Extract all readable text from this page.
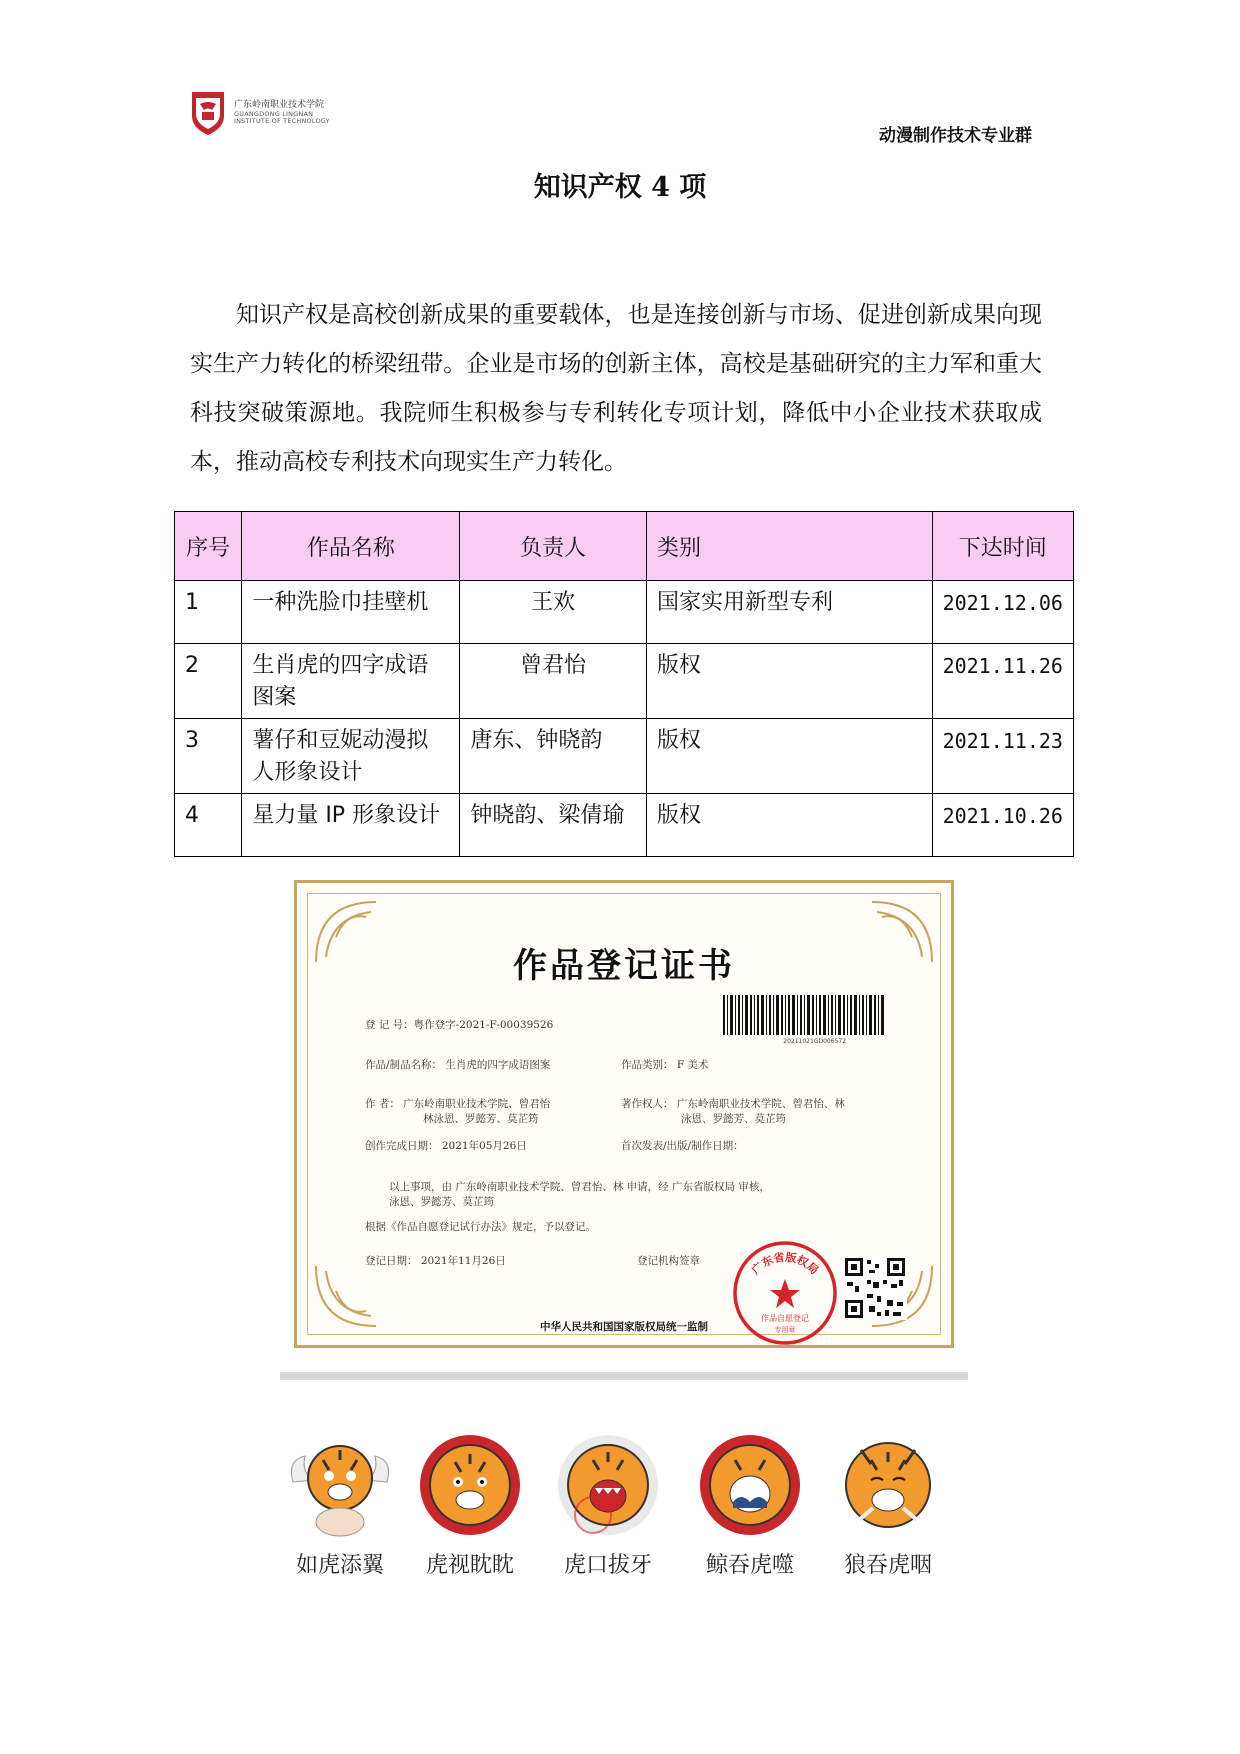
广东岭南职业技术学院
GUANGDONG LINGNAN
INSTITUTE OF TECHNOLOGY
动漫制作技术专业群
知识产权 4 项

知识产权是高校创新成果的重要载体，也是连接创新与市场、促进创新成果向现实生产力转化的桥梁纽带。企业是市场的创新主体，高校是基础研究的主力军和重大科技突破策源地。我院师生积极参与专利转化专项计划，降低中小企业技术获取成本，推动高校专利技术向现实生产力转化。

序号	作品名称	负责人	类别	下达时间
1	一种洗脸巾挂壁机	王欢	国家实用新型专利	2021.12.06
2	生肖虎的四字成语图案	曾君怡	版权	2021.11.26
3	薯仔和豆妮动漫拟人形象设计	唐东、钟晓韵	版权	2021.11.23
4	星力量 IP 形象设计	钟晓韵、梁倩瑜	版权	2021.10.26
作品登记证书
登 记 号：粤作登字-2021-F-00039526
20211021GD006572
作品/制品名称： 生肖虎的四字成语图案	作品类别： F 美术
作 者： 广东岭南职业技术学院、曾君怡
林泳恩、罗懿芳、莫芷筠
著作权人： 广东岭南职业技术学院、曾君怡、林
泳恩、罗懿芳、莫芷筠
创作完成日期： 2021年05月26日	首次发表/出版/制作日期：
以上事项，由 广东岭南职业技术学院、曾君怡、林 申请，经 广东省版权局 审核，
泳恩、罗懿芳、莫芷筠
根据《作品自愿登记试行办法》规定，予以登记。
登记日期： 2021年11月26日	登记机构签章	广东省版权局
作品自愿登记
专用章
中华人民共和国国家版权局统一监制
如虎添翼	虎视眈眈	虎口拔牙	鲸吞虎噬	狼吞虎咽
